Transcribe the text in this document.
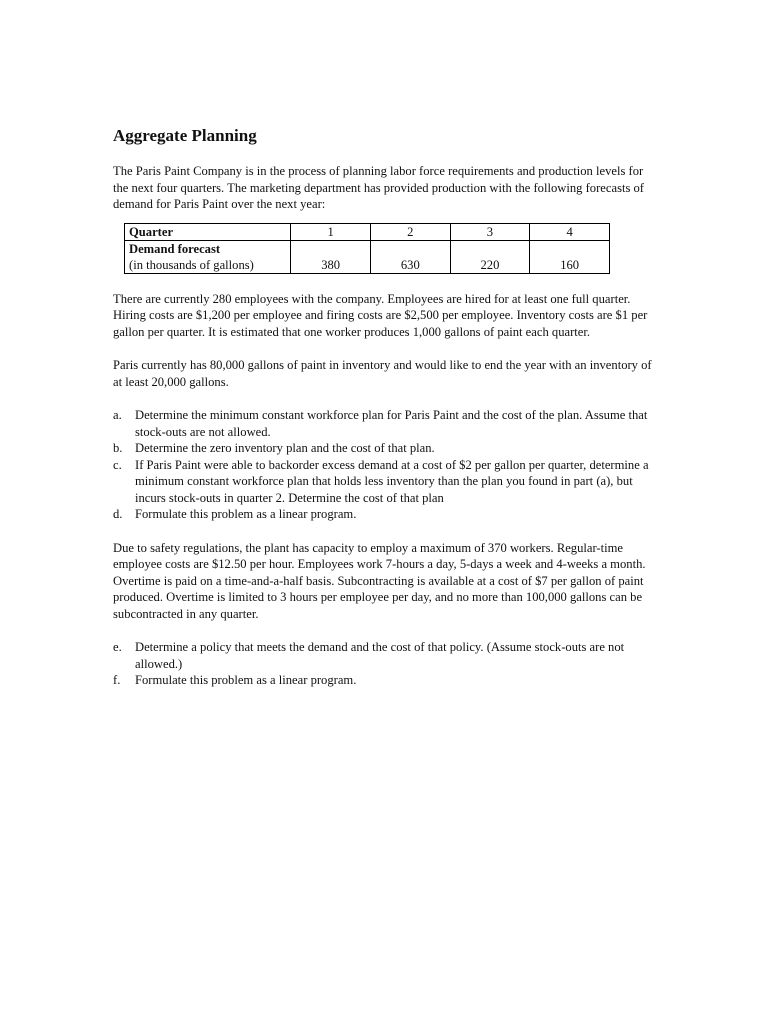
Aggregate Planning

The Paris Paint Company is in the process of planning labor force requirements and production levels for the next four quarters. The marketing department has provided production with the following forecasts of demand for Paris Paint over the next year:

Quarter	1	2	3	4

Demand forecast
(in thousands of gallons)	380	630	220	160

There are currently 280 employees with the company. Employees are hired for at least one full quarter. Hiring costs are $1,200 per employee and firing costs are $2,500 per employee. Inventory costs are $1 per gallon per quarter. It is estimated that one worker produces 1,000 gallons of paint each quarter.

Paris currently has 80,000 gallons of paint in inventory and would like to end the year with an inventory of at least 20,000 gallons.

a. Determine the minimum constant workforce plan for Paris Paint and the cost of the plan. Assume that stock-outs are not allowed.
b. Determine the zero inventory plan and the cost of that plan.
c. If Paris Paint were able to backorder excess demand at a cost of $2 per gallon per quarter, determine a minimum constant workforce plan that holds less inventory than the plan you found in part (a), but incurs stock-outs in quarter 2. Determine the cost of that plan
d. Formulate this problem as a linear program.

Due to safety regulations, the plant has capacity to employ a maximum of 370 workers. Regular-time employee costs are $12.50 per hour. Employees work 7-hours a day, 5-days a week and 4-weeks a month. Overtime is paid on a time-and-a-half basis. Subcontracting is available at a cost of $7 per gallon of paint produced. Overtime is limited to 3 hours per employee per day, and no more than 100,000 gallons can be subcontracted in any quarter.

e. Determine a policy that meets the demand and the cost of that policy. (Assume stock-outs are not allowed.)
f. Formulate this problem as a linear program.
